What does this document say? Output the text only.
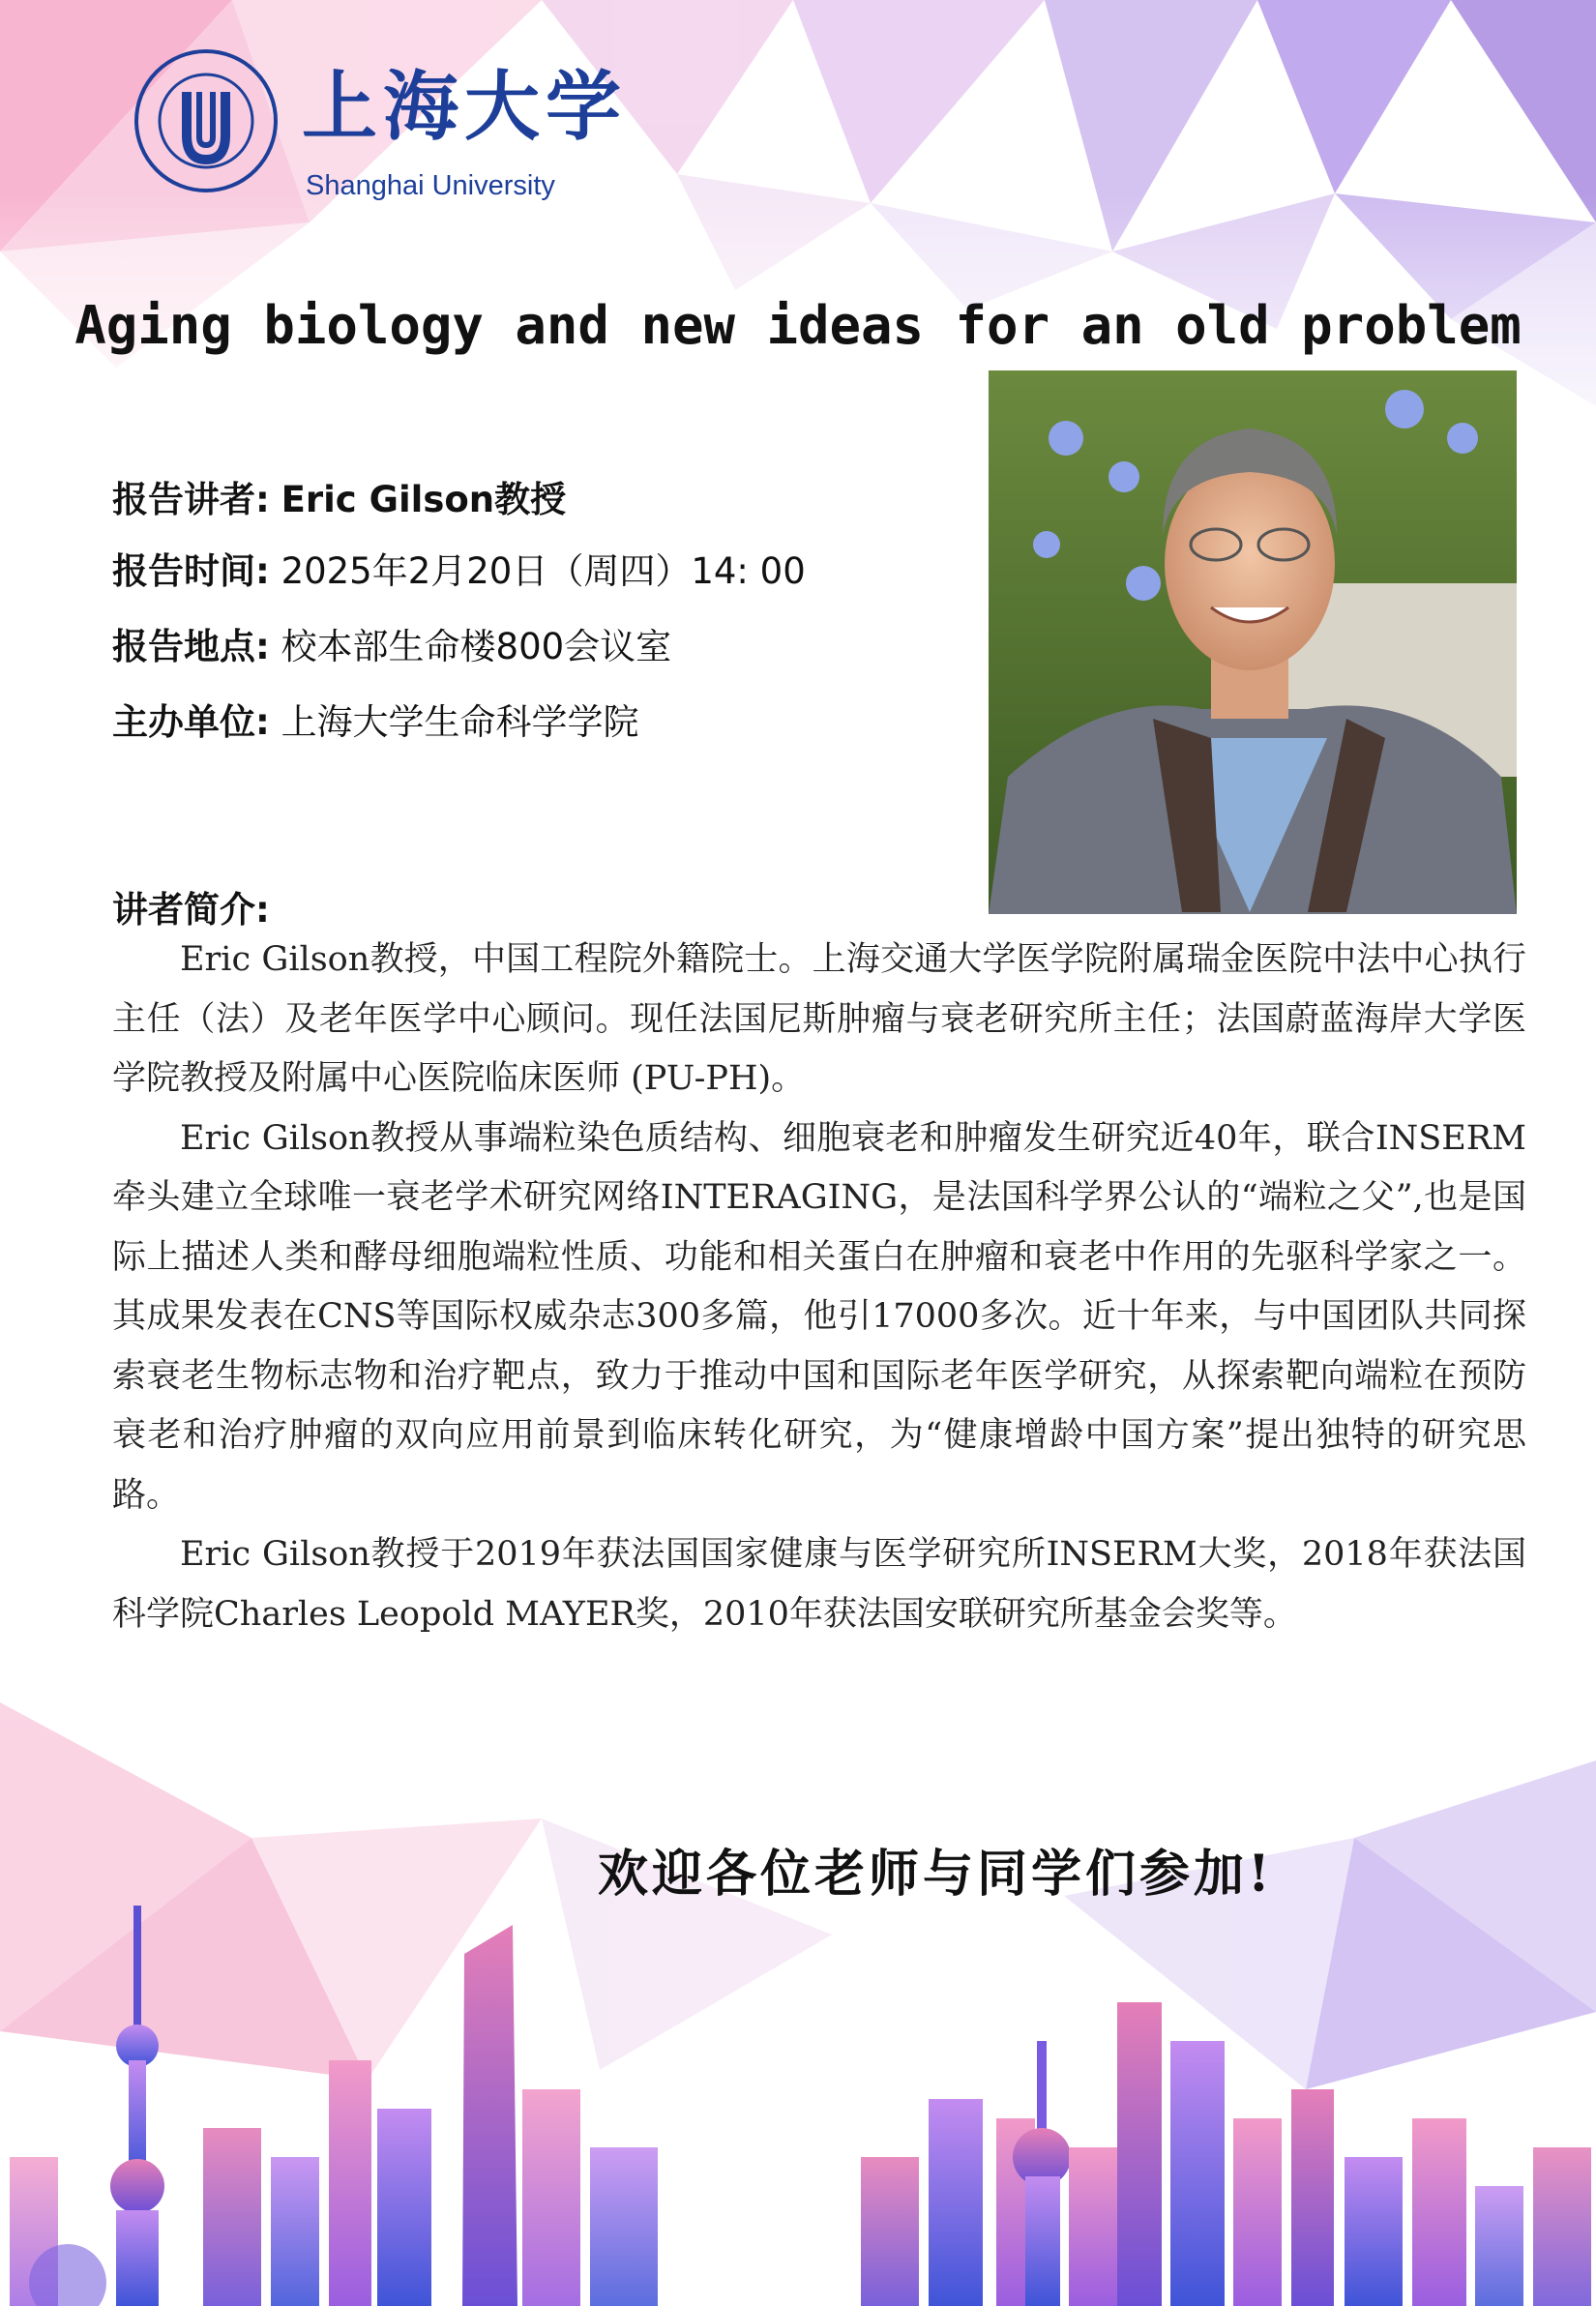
上海大学
Shanghai University
Aging biology and new ideas for an old problem
报告讲者: Eric Gilson教授
报告时间: 2025年2月20日（周四）14: 00
报告地点: 校本部生命楼800会议室
主办单位: 上海大学生命科学学院
讲者简介:

Eric Gilson教授，中国工程院外籍院士。上海交通大学医学院附属瑞金医院中法中心执行主任（法）及老年医学中心顾问。现任法国尼斯肿瘤与衰老研究所主任；法国蔚蓝海岸大学医学院教授及附属中心医院临床医师 (PU-PH)。

Eric Gilson教授从事端粒染色质结构、细胞衰老和肿瘤发生研究近40年，联合INSERM 牵头建立全球唯一衰老学术研究网络INTERAGING，是法国科学界公认的“端粒之父”,也是国际上描述人类和酵母细胞端粒性质、功能和相关蛋白在肿瘤和衰老中作用的先驱科学家之一。其成果发表在CNS等国际权威杂志300多篇，他引17000多次。近十年来，与中国团队共同探索衰老生物标志物和治疗靶点，致力于推动中国和国际老年医学研究，从探索靶向端粒在预防衰老和治疗肿瘤的双向应用前景到临床转化研究，为“健康增龄中国方案”提出独特的研究思路。

Eric Gilson教授于2019年获法国国家健康与医学研究所INSERM大奖，2018年获法国科学院Charles Leopold MAYER奖，2010年获法国安联研究所基金会奖等。

欢迎各位老师与同学们参加!
